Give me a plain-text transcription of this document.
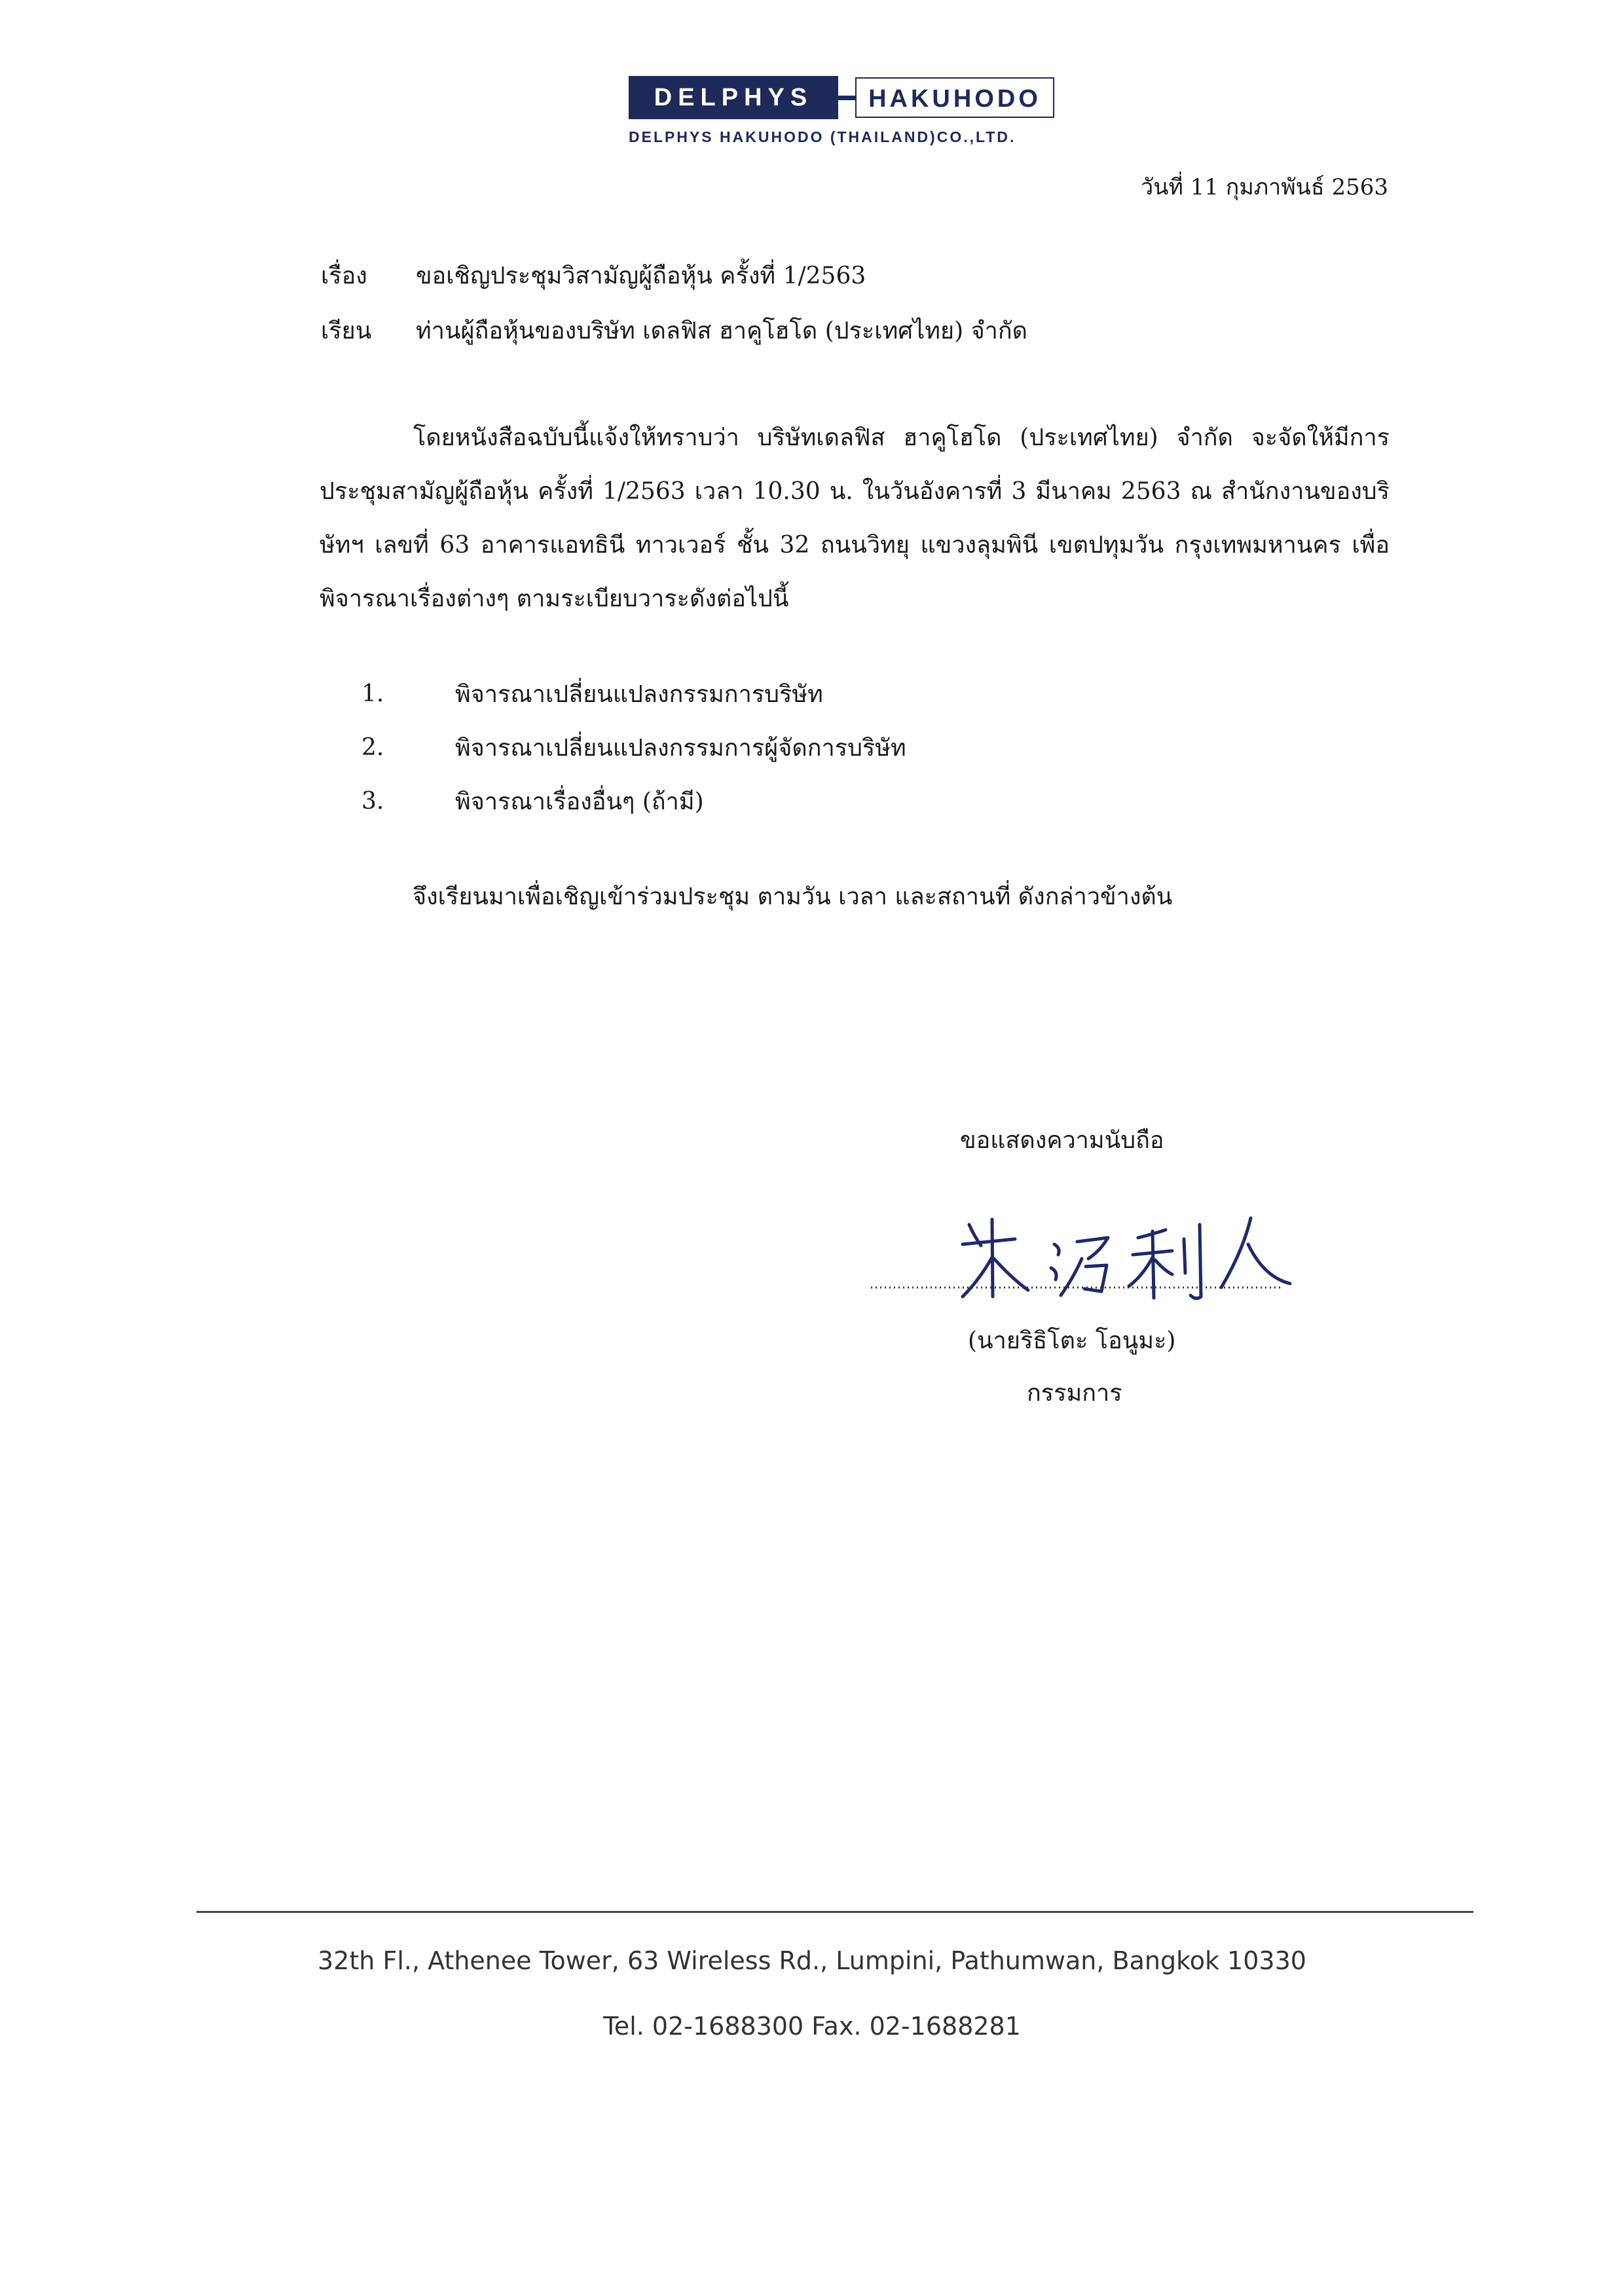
DELPHYS	HAKUHODO
DELPHYS HAKUHODO (THAILAND)CO.,LTD.
วันที่ 11 กุมภาพันธ์ 2563
เรื่อง	ขอเชิญประชุมวิสามัญผู้ถือหุ้น ครั้งที่ 1/2563
เรียน	ท่านผู้ถือหุ้นของบริษัท เดลฟิส ฮาคูโฮโด (ประเทศไทย) จำกัด

โดยหนังสือฉบับนี้แจ้งให้ทราบว่า บริษัทเดลฟิส ฮาคูโฮโด (ประเทศไทย) จำกัด จะจัดให้มีการประชุมสามัญผู้ถือหุ้น ครั้งที่ 1/2563 เวลา 10.30 น. ในวันอังคารที่ 3 มีนาคม 2563 ณ สำนักงานของบริษัทฯ เลขที่ 63 อาคารแอทธินี ทาวเวอร์ ชั้น 32 ถนนวิทยุ แขวงลุมพินี เขตปทุมวัน กรุงเทพมหานคร เพื่อพิจารณาเรื่องต่างๆ ตามระเบียบวาระดังต่อไปนี้

1.	พิจารณาเปลี่ยนแปลงกรรมการบริษัท
2.	พิจารณาเปลี่ยนแปลงกรรมการผู้จัดการบริษัท
3.	พิจารณาเรื่องอื่นๆ (ถ้ามี)
จึงเรียนมาเพื่อเชิญเข้าร่วมประชุม ตามวัน เวลา และสถานที่ ดังกล่าวข้างต้น
ขอแสดงความนับถือ
(นายริธิโตะ โอนูมะ)
กรรมการ
32th Fl., Athenee Tower, 63 Wireless Rd., Lumpini, Pathumwan, Bangkok 10330
Tel. 02-1688300 Fax. 02-1688281
